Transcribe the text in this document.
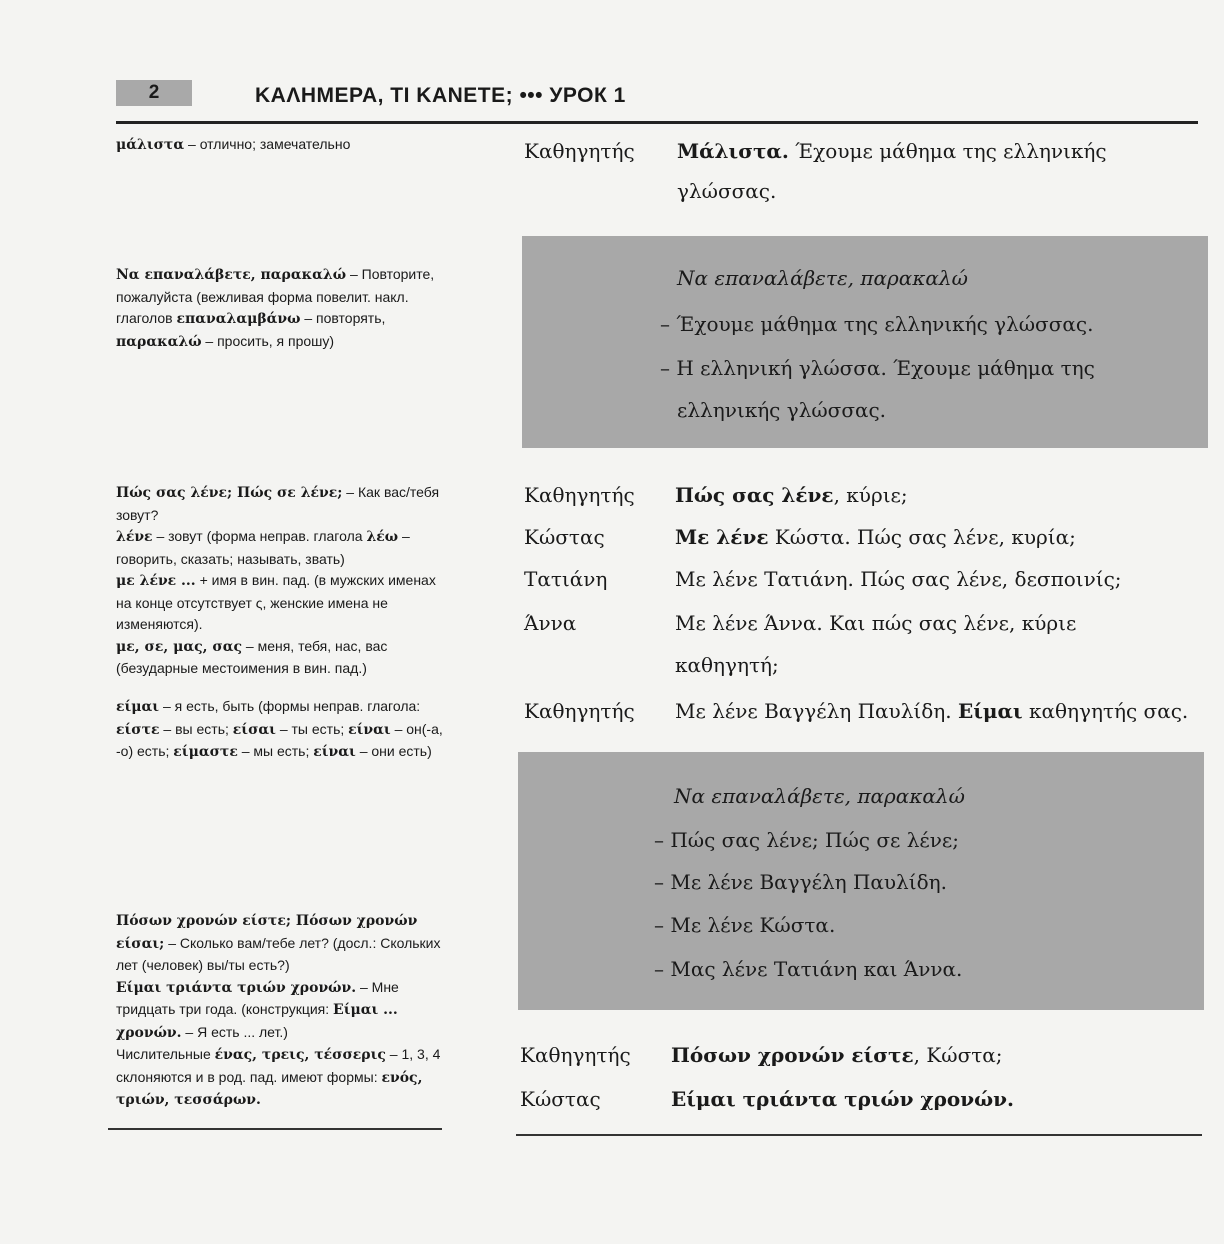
2	ΚΑΛΗΜΕΡΑ, ΤΙ ΚΑΝΕΤΕ; ••• УРОК 1
μάλιστα – отлично; замечательно
Να επαναλάβετε, παρακαλώ – Повторите, пожалуйста (вежливая форма повелит. накл. глаголов επαναλαμβάνω – повторять, παρακαλώ – просить, я прошу)
Πώς σας λένε; Πώς σε λένε; – Как вас/тебя зовут?
λένε – зовут (форма неправ. глагола λέω – говорить, сказать; называть, звать)
με λένε ... + имя в вин. пад. (в мужских именах на конце отсутствует ς, женские имена не изменяются).
με, σε, μας, σας – меня, тебя, нас, вас (безударные местоимения в вин. пад.)
είμαι – я есть, быть (формы неправ. глагола: είστε – вы есть; είσαι – ты есть; είναι – он(-а, -о) есть; είμαστε – мы есть; είναι – они есть)
Πόσων χρονών είστε; Πόσων χρονών είσαι; – Сколько вам/тебе лет? (досл.: Скольких лет (человек) вы/ты есть?)
Είμαι τριάντα τριών χρονών. – Мне тридцать три года. (конструкция: Είμαι ... χρονών. – Я есть ... лет.)
Числительные ένας, τρεις, τέσσερις – 1, 3, 4 склоняются и в род. пад. имеют формы: ενός, τριών, τεσσάρων.
Καθηγητής Μάλιστα. Έχουμε μάθημα της ελληνικής
γλώσσας.
Να επαναλάβετε, παρακαλώ
– Έχουμε μάθημα της ελληνικής γλώσσας.
– Η ελληνική γλώσσα. Έχουμε μάθημα της
ελληνικής γλώσσας.
Καθηγητής Πώς σας λένε, κύριε;
Κώστας	Με λένε Κώστα. Πώς σας λένε, κυρία;
Τατιάνη	Με λένε Τατιάνη. Πώς σας λένε, δεσποινίς;
Άννα	Με λένε Άννα. Και πώς σας λένε, κύριε
καθηγητή;
Καθηγητής Με λένε Βαγγέλη Παυλίδη. Είμαι καθηγητής σας.
Να επαναλάβετε, παρακαλώ
– Πώς σας λένε; Πώς σε λένε;
– Με λένε Βαγγέλη Παυλίδη.
– Με λένε Κώστα.
– Μας λένε Τατιάνη και Άννα.
Καθηγητής Πόσων χρονών είστε, Κώστα;
Κώστας	Είμαι τριάντα τριών χρονών.
